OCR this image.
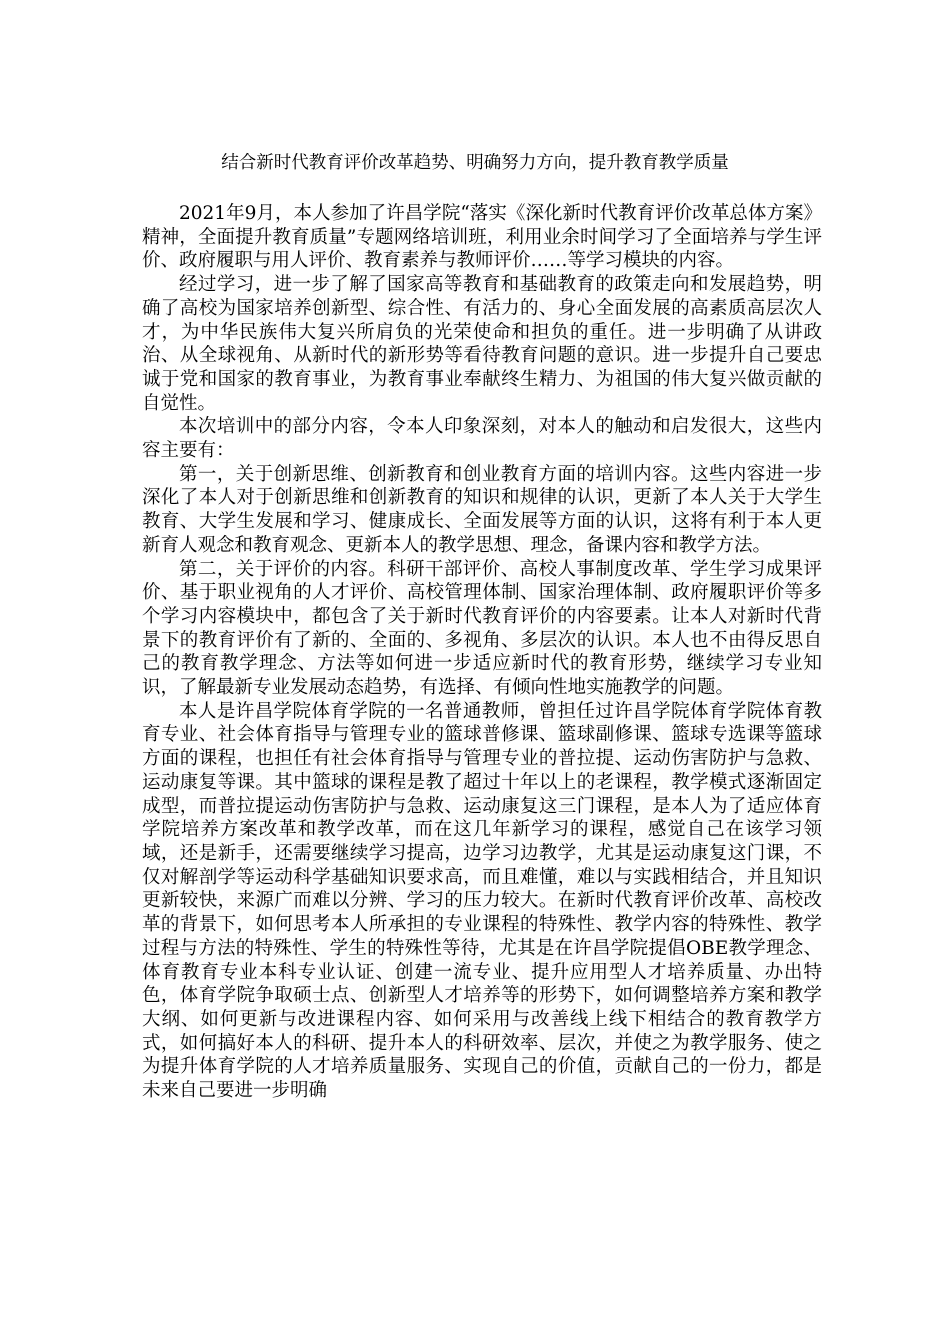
结合新时代教育评价改革趋势、明确努力方向，提升教育教学质量

2021年9月，本人参加了许昌学院“落实《深化新时代教育评价改革总体方案》精神，全面提升教育质量”专题网络培训班，利用业余时间学习了全面培养与学生评价、政府履职与用人评价、教育素养与教师评价……等学习模块的内容。

经过学习，进一步了解了国家高等教育和基础教育的政策走向和发展趋势，明确了高校为国家培养创新型、综合性、有活力的、身心全面发展的高素质高层次人才，为中华民族伟大复兴所肩负的光荣使命和担负的重任。进一步明确了从讲政治、从全球视角、从新时代的新形势等看待教育问题的意识。进一步提升自己要忠诚于党和国家的教育事业，为教育事业奉献终生精力、为祖国的伟大复兴做贡献的自觉性。

本次培训中的部分内容，令本人印象深刻，对本人的触动和启发很大，这些内容主要有：

第一，关于创新思维、创新教育和创业教育方面的培训内容。这些内容进一步深化了本人对于创新思维和创新教育的知识和规律的认识，更新了本人关于大学生教育、大学生发展和学习、健康成长、全面发展等方面的认识，这将有利于本人更新育人观念和教育观念、更新本人的教学思想、理念，备课内容和教学方法。

第二，关于评价的内容。科研干部评价、高校人事制度改革、学生学习成果评价、基于职业视角的人才评价、高校管理体制、国家治理体制、政府履职评价等多个学习内容模块中，都包含了关于新时代教育评价的内容要素。让本人对新时代背景下的教育评价有了新的、全面的、多视角、多层次的认识。本人也不由得反思自己的教育教学理念、方法等如何进一步适应新时代的教育形势，继续学习专业知识，了解最新专业发展动态趋势，有选择、有倾向性地实施教学的问题。

本人是许昌学院体育学院的一名普通教师，曾担任过许昌学院体育学院体育教育专业、社会体育指导与管理专业的篮球普修课、篮球副修课、篮球专选课等篮球方面的课程，也担任有社会体育指导与管理专业的普拉提、运动伤害防护与急救、运动康复等课。其中篮球的课程是教了超过十年以上的老课程，教学模式逐渐固定成型，而普拉提运动伤害防护与急救、运动康复这三门课程，是本人为了适应体育学院培养方案改革和教学改革，而在这几年新学习的课程，感觉自己在该学习领域，还是新手，还需要继续学习提高，边学习边教学，尤其是运动康复这门课，不仅对解剖学等运动科学基础知识要求高，而且难懂，难以与实践相结合，并且知识更新较快，来源广而难以分辨、学习的压力较大。在新时代教育评价改革、高校改革的背景下，如何思考本人所承担的专业课程的特殊性、教学内容的特殊性、教学过程与方法的特殊性、学生的特殊性等待，尤其是在许昌学院提倡OBE教学理念、体育教育专业本科专业认证、创建一流专业、提升应用型人才培养质量、办出特色，体育学院争取硕士点、创新型人才培养等的形势下，如何调整培养方案和教学大纲、如何更新与改进课程内容、如何采用与改善线上线下相结合的教育教学方式，如何搞好本人的科研、提升本人的科研效率、层次，并使之为教学服务、使之为提升体育学院的人才培养质量服务、实现自己的价值，贡献自己的一份力，都是未来自己要进一步明确
